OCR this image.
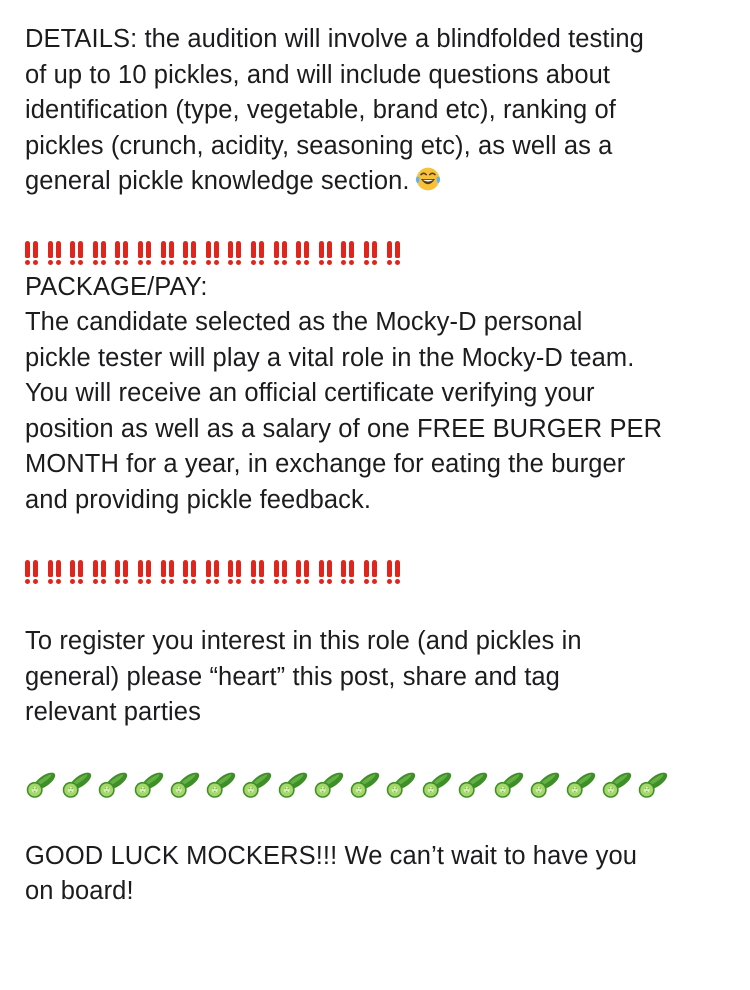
DETAILS: the audition will involve a blindfolded testing
of up to 10 pickles, and will include questions about
identification (type, vegetable, brand etc), ranking of
pickles (crunch, acidity, seasoning etc), as well as a
general pickle knowledge section.

PACKAGE/PAY:
The candidate selected as the Mocky-D personal
pickle tester will play a vital role in the Mocky-D team.
You will receive an official certificate verifying your
position as well as a salary of one FREE BURGER PER
MONTH for a year, in exchange for eating the burger
and providing pickle feedback.

To register you interest in this role (and pickles in
general) please “heart” this post, share and tag
relevant parties

GOOD LUCK MOCKERS!!! We can’t wait to have you
on board!
